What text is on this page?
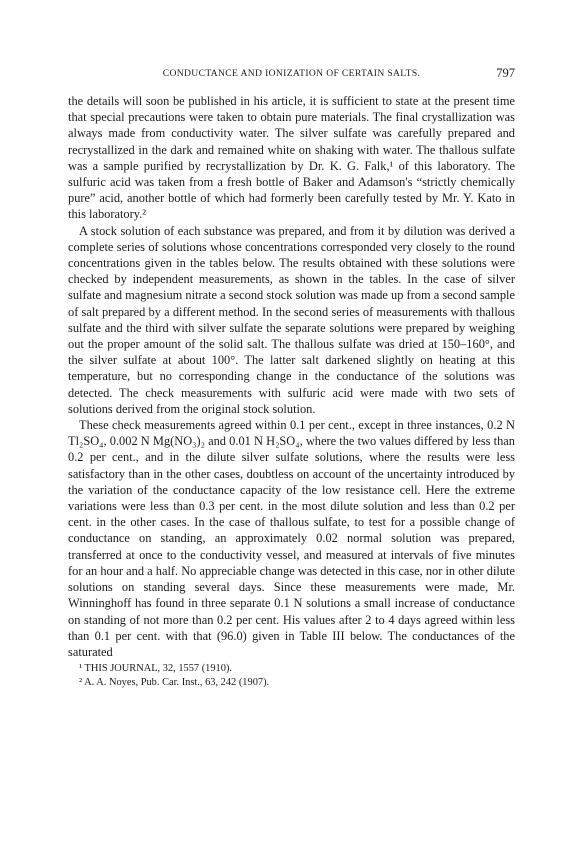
CONDUCTANCE AND IONIZATION OF CERTAIN SALTS.	797

the details will soon be published in his article, it is sufficient to state at the present time that special precautions were taken to obtain pure materials. The final crystallization was always made from conductivity water. The silver sulfate was carefully prepared and recrystallized in the dark and remained white on shaking with water. The thallous sulfate was a sample purified by recrystallization by Dr. K. G. Falk,¹ of this laboratory. The sulfuric acid was taken from a fresh bottle of Baker and Adamson's “strictly chemically pure” acid, another bottle of which had formerly been carefully tested by Mr. Y. Kato in this laboratory.²

A stock solution of each substance was prepared, and from it by dilution was derived a complete series of solutions whose concentrations corresponded very closely to the round concentrations given in the tables below. The results obtained with these solutions were checked by independent measurements, as shown in the tables. In the case of silver sulfate and magnesium nitrate a second stock solution was made up from a second sample of salt prepared by a different method. In the second series of measurements with thallous sulfate and the third with silver sulfate the separate solutions were prepared by weighing out the proper amount of the solid salt. The thallous sulfate was dried at 150–160°, and the silver sulfate at about 100°. The latter salt darkened slightly on heating at this temperature, but no corresponding change in the conductance of the solutions was detected. The check measurements with sulfuric acid were made with two sets of solutions derived from the original stock solution.

These check measurements agreed within 0.1 per cent., except in three instances, 0.2 N Tl₂SO₄, 0.002 N Mg(NO₃)₂ and 0.01 N H₂SO₄, where the two values differed by less than 0.2 per cent., and in the dilute silver sulfate solutions, where the results were less satisfactory than in the other cases, doubtless on account of the uncertainty introduced by the variation of the conductance capacity of the low resistance cell. Here the extreme variations were less than 0.3 per cent. in the most dilute solution and less than 0.2 per cent. in the other cases. In the case of thallous sulfate, to test for a possible change of conductance on standing, an approximately 0.02 normal solution was prepared, transferred at once to the conductivity vessel, and measured at intervals of five minutes for an hour and a half. No appreciable change was detected in this case, nor in other dilute solutions on standing several days. Since these measurements were made, Mr. Winninghoff has found in three separate 0.1 N solutions a small increase of conductance on standing of not more than 0.2 per cent. His values after 2 to 4 days agreed within less than 0.1 per cent. with that (96.0) given in Table III below. The conductances of the saturated

¹ THIS JOURNAL, 32, 1557 (1910).
² A. A. Noyes, Pub. Car. Inst., 63, 242 (1907).
